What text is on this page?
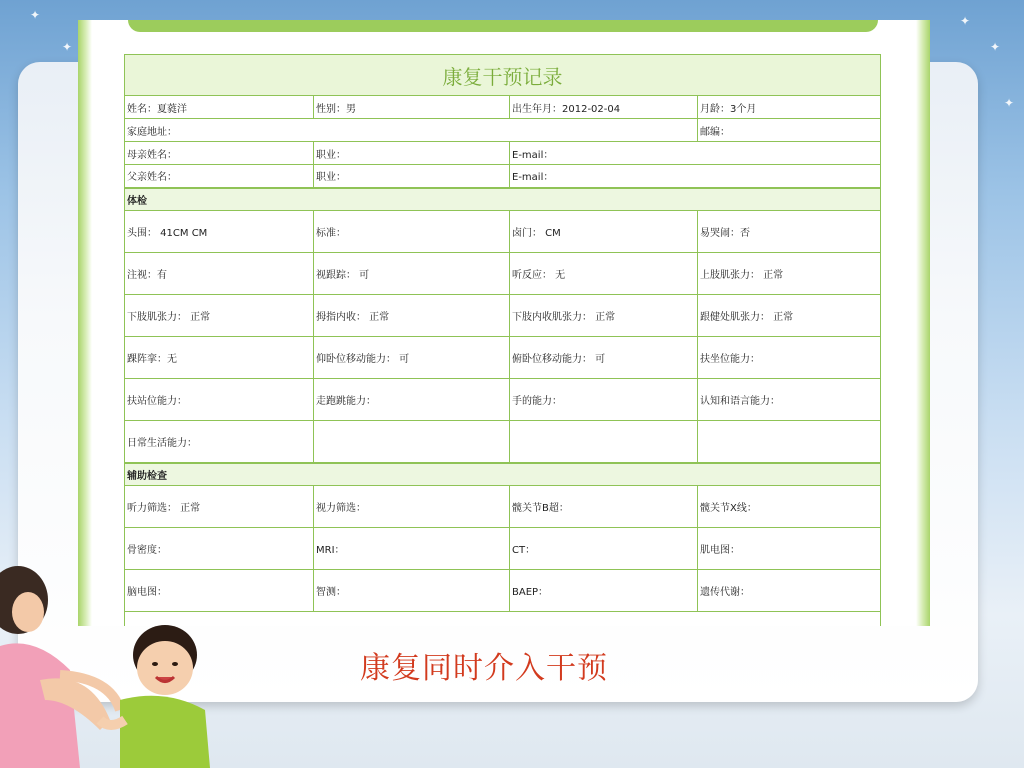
✦
✦	✦
✦
✦
康复干预记录			
姓名：夏蕤洋	性别：男	出生年月：2012-02-04	月龄：3个月
家庭地址：			邮编：
母亲姓名：	职业：	E-mail：	
父亲姓名：	职业：	E-mail：	
体检			
头围： 41CM CM	标准：	卤门： CM	易哭闹：否
注视：有	视跟踪： 可	听反应： 无	上肢肌张力： 正常
下肢肌张力： 正常	拇指内收： 正常	下肢内收肌张力： 正常	跟健处肌张力： 正常
踝阵挛：无	仰卧位移动能力： 可	俯卧位移动能力： 可	扶坐位能力：
扶站位能力：	走跑跳能力：	手的能力：	认知和语言能力：
日常生活能力：			
辅助检查			
听力筛选： 正常	视力筛选：	髋关节B超：	髋关节X线：
骨密度：	MRI：	CT：	肌电图：
脑电图：	智测：	BAEP：	遗传代谢：

康复同时介入干预
